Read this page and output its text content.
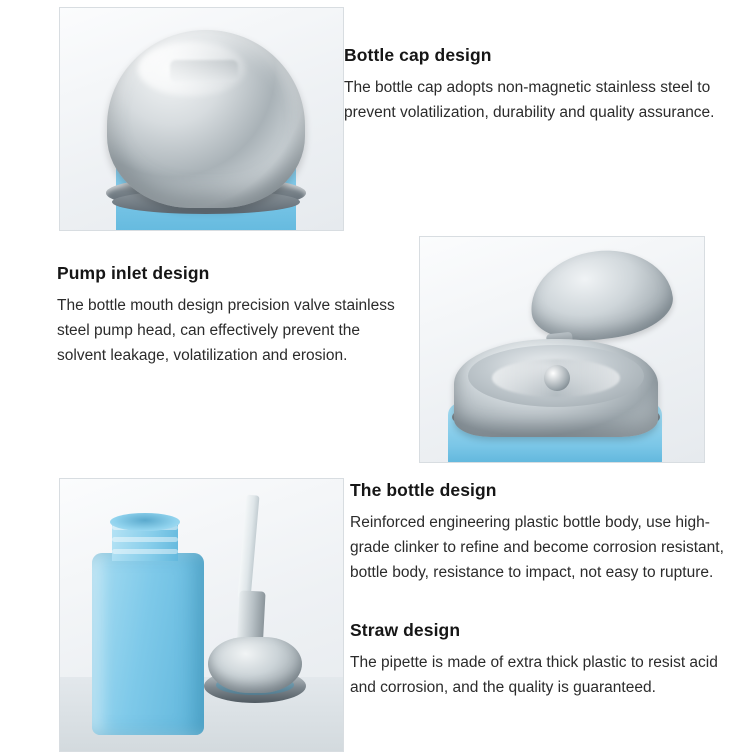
Bottle cap design

The bottle cap adopts non-magnetic stainless steel to prevent volatilization, durability and quality assurance.

Pump inlet design

The bottle mouth design precision valve stainless steel pump head, can effectively prevent the solvent leakage, volatilization and erosion.

The bottle design

Reinforced engineering plastic bottle body, use high-grade clinker to refine and become corrosion resistant, bottle body, resistance to impact, not easy to rupture.

Straw design

The pipette is made of extra thick plastic to resist acid and corrosion, and the quality is guaranteed.
